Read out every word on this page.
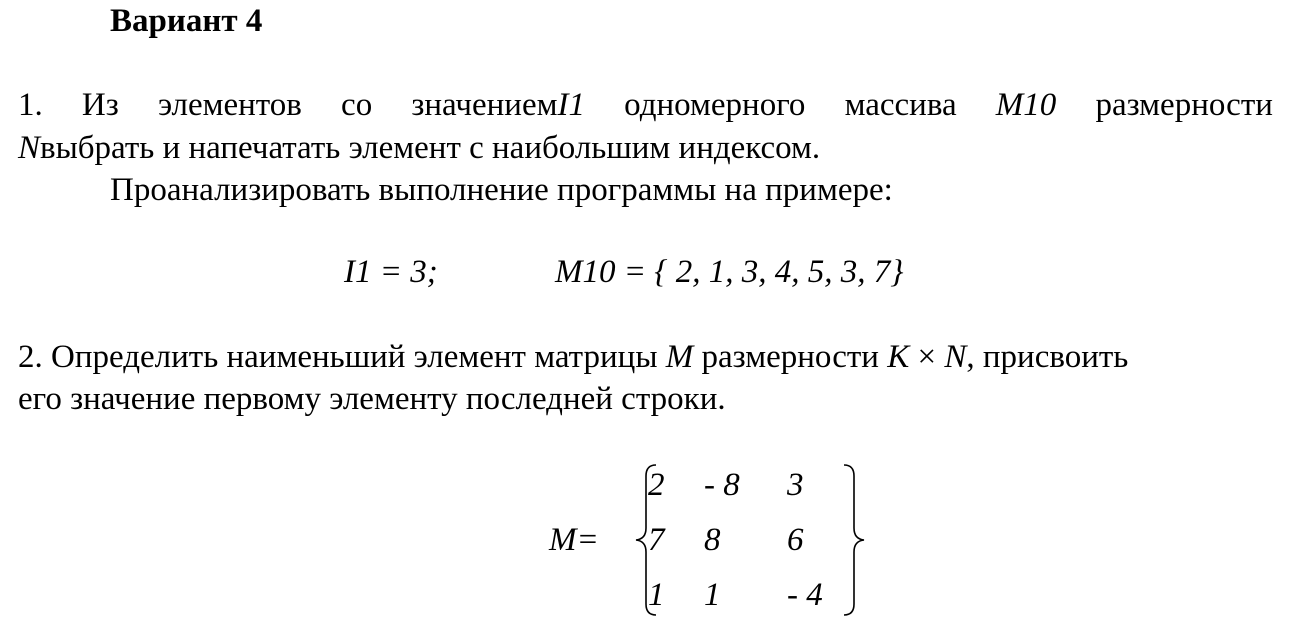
Вариант 4
1. Из элементов со значениемI1 одномерного массива M10 размерности
Nвыбрать и напечатать элемент с наибольшим индексом.
Проанализировать выполнение программы на примере:
I1 = 3;	M10 = { 2, 1, 3, 4, 5, 3, 7}
2. Определить наименьший элемент матрицы M размерности K × N, присвоить
его значение первому элементу последней строки.
M=
2 - 8 3
7 8 6
1 1 - 4
